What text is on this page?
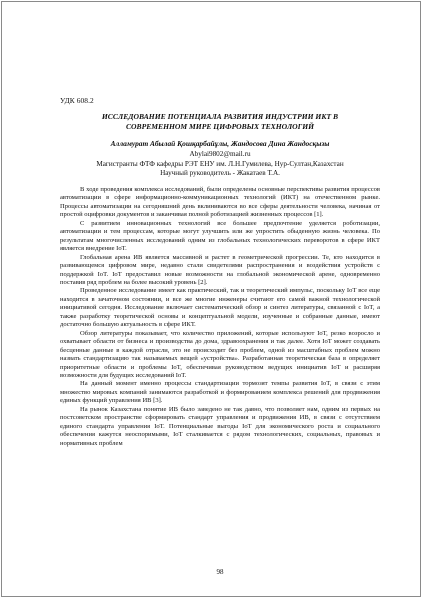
УДК 608.2
ИССЛЕДОВАНИЕ ПОТЕНЦИАЛА РАЗВИТИЯ ИНДУСТРИИ ИКТ В
СОВРЕМЕННОМ МИРЕ ЦИФРОВЫХ ТЕХНОЛОГИЙ
Алламурат Абылай Қошқарбайұлы, Жандосова Дина Жандосқызы
Abylai9802@mail.ru
Магистранты ФТФ кафедры РЭТ ЕНУ им. Л.Н.Гумилева, Нур-Султан,Казахстан
Научный руководитель - Жакатаев Т.А.

В ходе проведения комплекса исследований, были определены основные перспективы развития процессов автоматизации в сфере информационно-коммуникационных технологий (ИКТ) на отечественном рынке. Процессы автоматизации на сегодняшний день вклиниваются во все сферы деятельности человека, начиная от простой оцифровки документов и заканчивая полной роботизацией жизненных процессов [1].

С развитием инновационных технологий все большее предпочтение уделяется роботизации, автоматизации и тем процессам, которые могут улучшить или же упростить обыденную жизнь человека. По результатам многочисленных исследований одним из глобальных технологических переворотов в сфере ИКТ является внедрение IoT.

Глобальная арена ИВ является массивной и растет в геометрической прогрессии. Те, кто находится в развивающемся цифровом мире, недавно стали свидетелями распространения и воздействия устройств с поддержкой IoT. IoT предоставил новые возможности на глобальной экономической арене, одновременно поставив ряд проблем на более высокий уровень [2].

Проведенное исследование имеет как практический, так и теоретический импульс, поскольку IoT все еще находится в зачаточном состоянии, и все же многие инженеры считают его самой важной технологической инициативой сегодня. Исследование включает систематический обзор и синтез литературы, связанной с IoT, а также разработку теоретической основы и концептуальной модели, изученные и собранные данные, имеют достаточно большую актуальность в сфере ИКТ.

Обзор литературы показывает, что количество приложений, которые используют IoT, резко возросло и охватывает области от бизнеса и производства до дома, здравоохранения и так далее. Хотя IoT может создавать бесценные данные в каждой отрасли, это не происходит без проблем, одной из масштабных проблем можно назвать стандартизацию так называемых вещей «устройства». Разработанная теоретическая база в определяет приоритетные области и проблемы IoT, обеспечивая руководством ведущих инициатив IoT и расширяя возможности для будущих исследований IoT.

На данный момент именно процессы стандартизации тормозят темпы развития IoT, в связи с этим множество мировых компаний занимаются разработкой и формированием комплекса решений для продвижения единых функций управления ИВ [3].

На рынок Казахстана понятие ИВ было заведено не так давно, что позволяет нам, одним из первых на постсоветском пространстве сформировать стандарт управления и продвижения ИВ, в связи с отсутствием единого стандарта управления IoT. Потенциальные выгоды IoT для экономического роста и социального обеспечения кажутся неоспоримыми, IoT сталкивается с рядом технологических, социальных, правовых и нормативных проблем

98
